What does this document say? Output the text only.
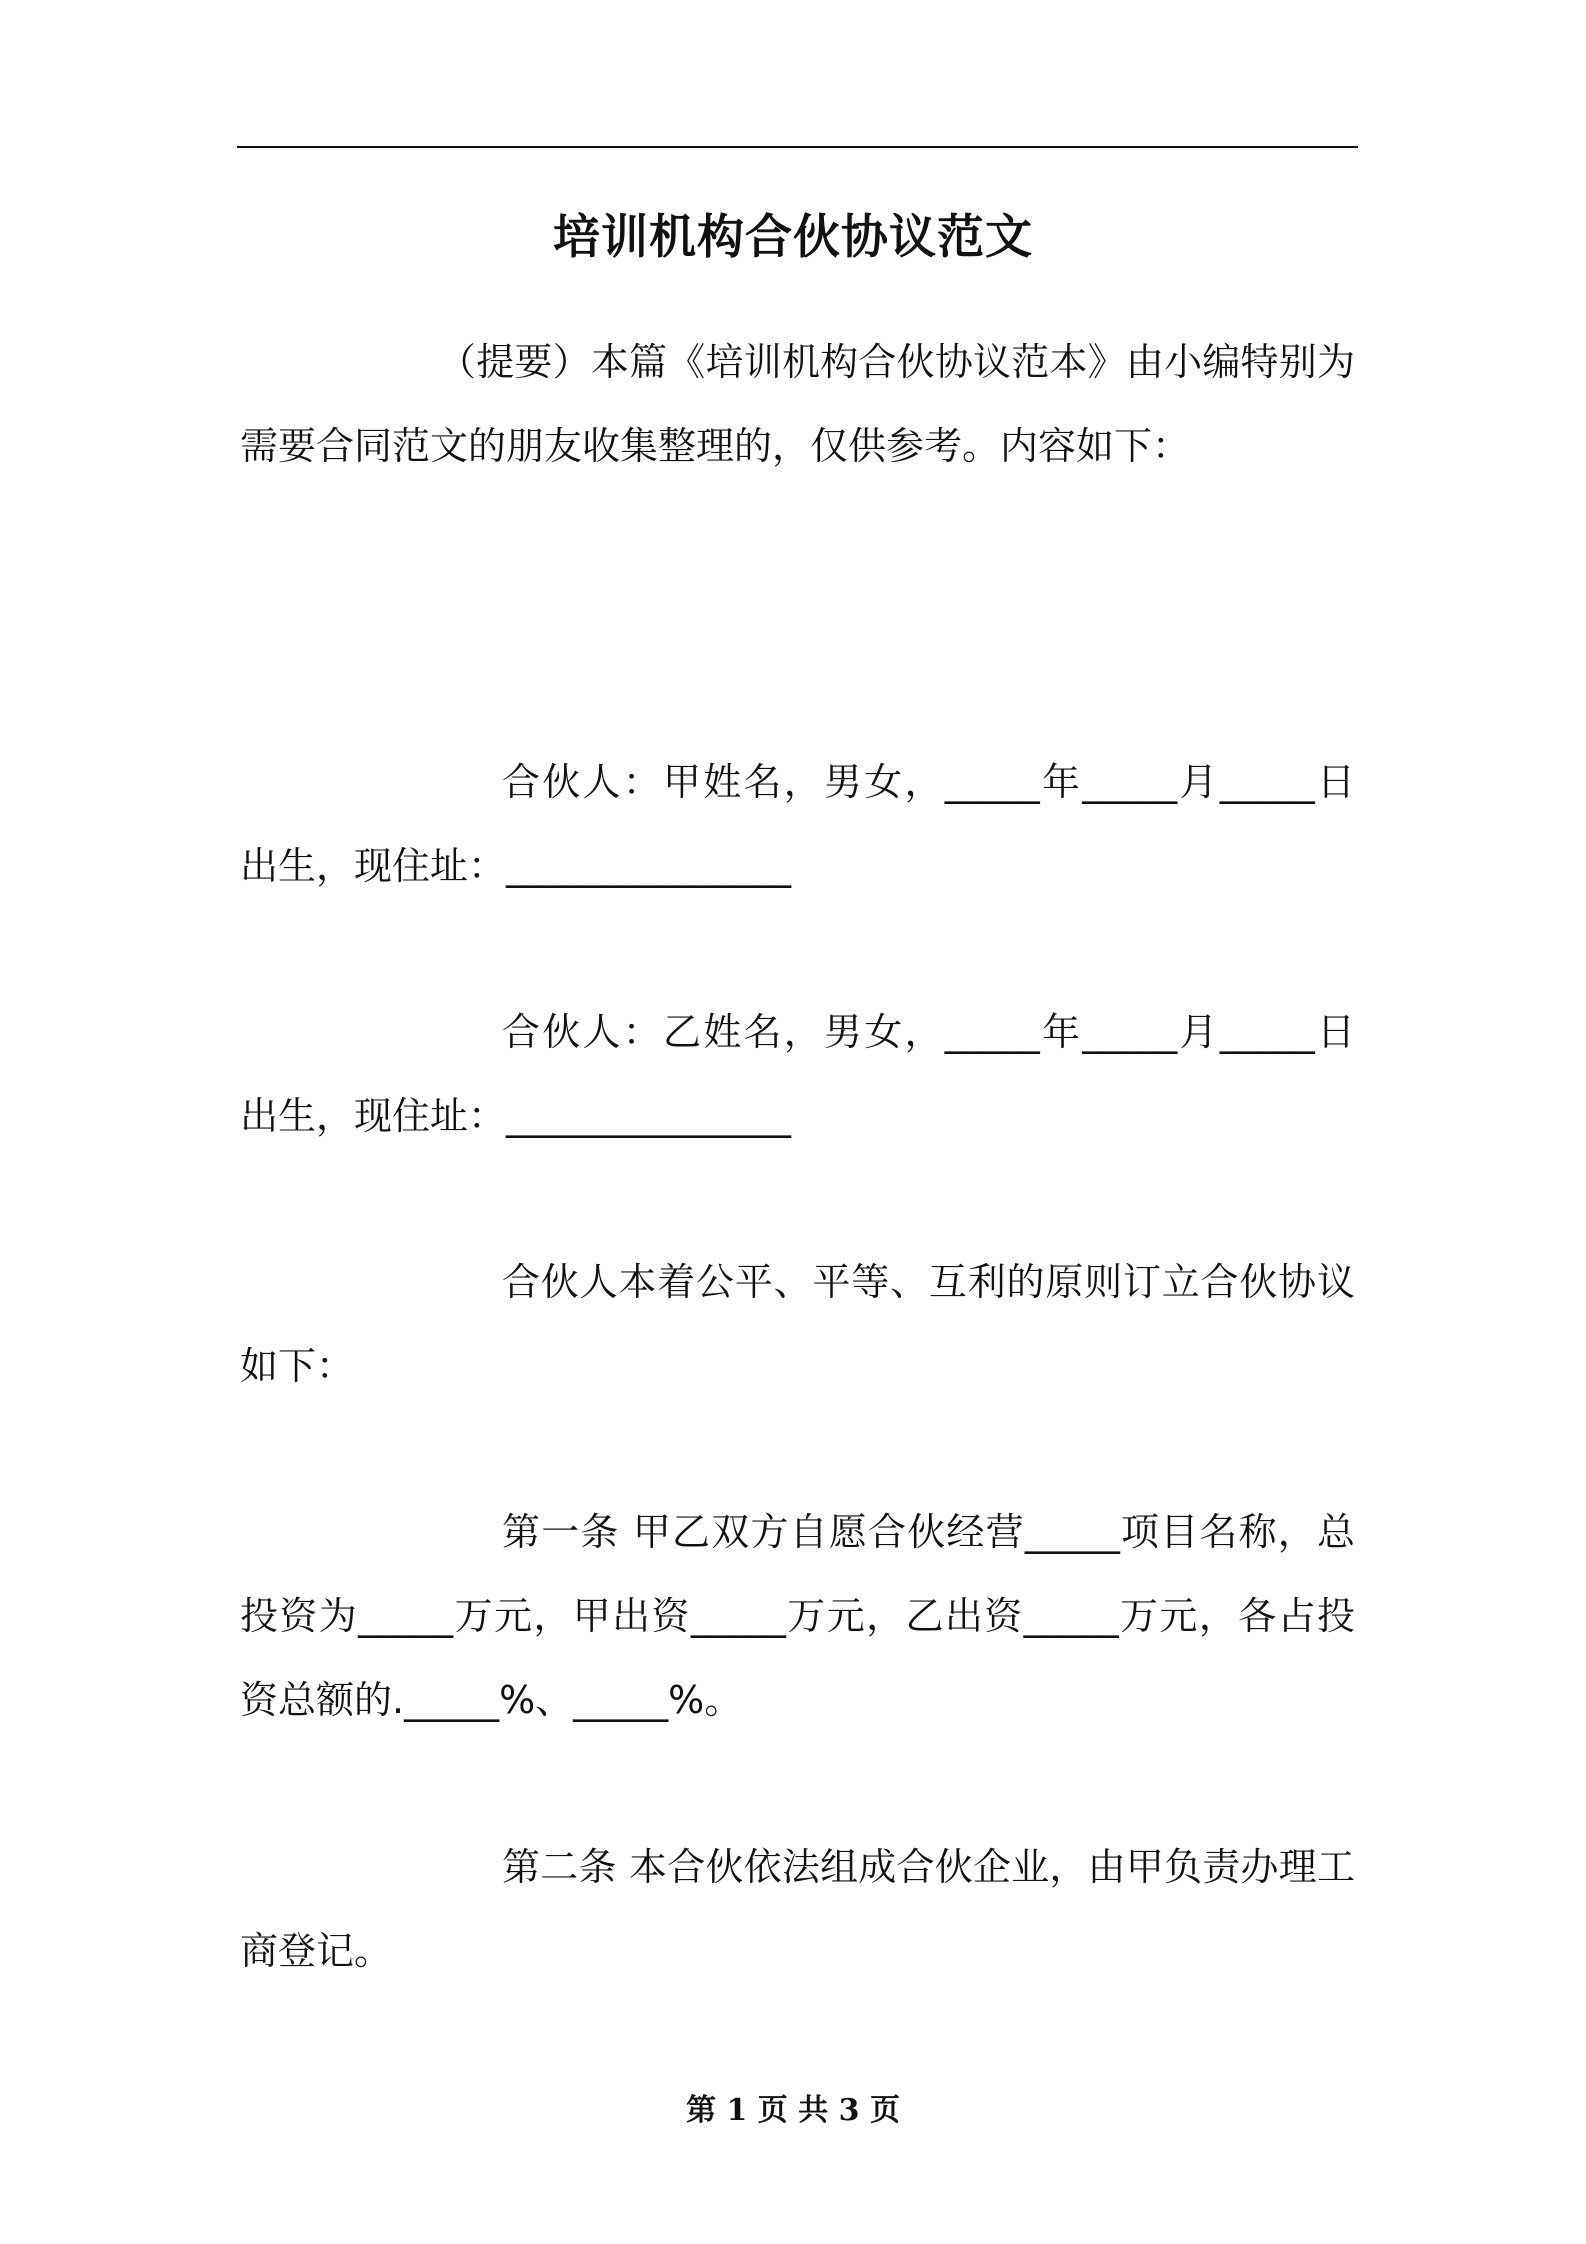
培训机构合伙协议范文

（提要）本篇《培训机构合伙协议范本》由小编特别为需要合同范文的朋友收集整理的，仅供参考。内容如下：

合伙人：甲姓名，男女，_____年_____月_____日出生，现住址：_______________

合伙人：乙姓名，男女，_____年_____月_____日出生，现住址：_______________

合伙人本着公平、平等、互利的原则订立合伙协议如下：

第一条 甲乙双方自愿合伙经营_____项目名称，总投资为_____万元，甲出资_____万元，乙出资_____万元，各占投资总额的._____%、_____%。

第二条 本合伙依法组成合伙企业，由甲负责办理工商登记。

第 1 页 共 3 页
